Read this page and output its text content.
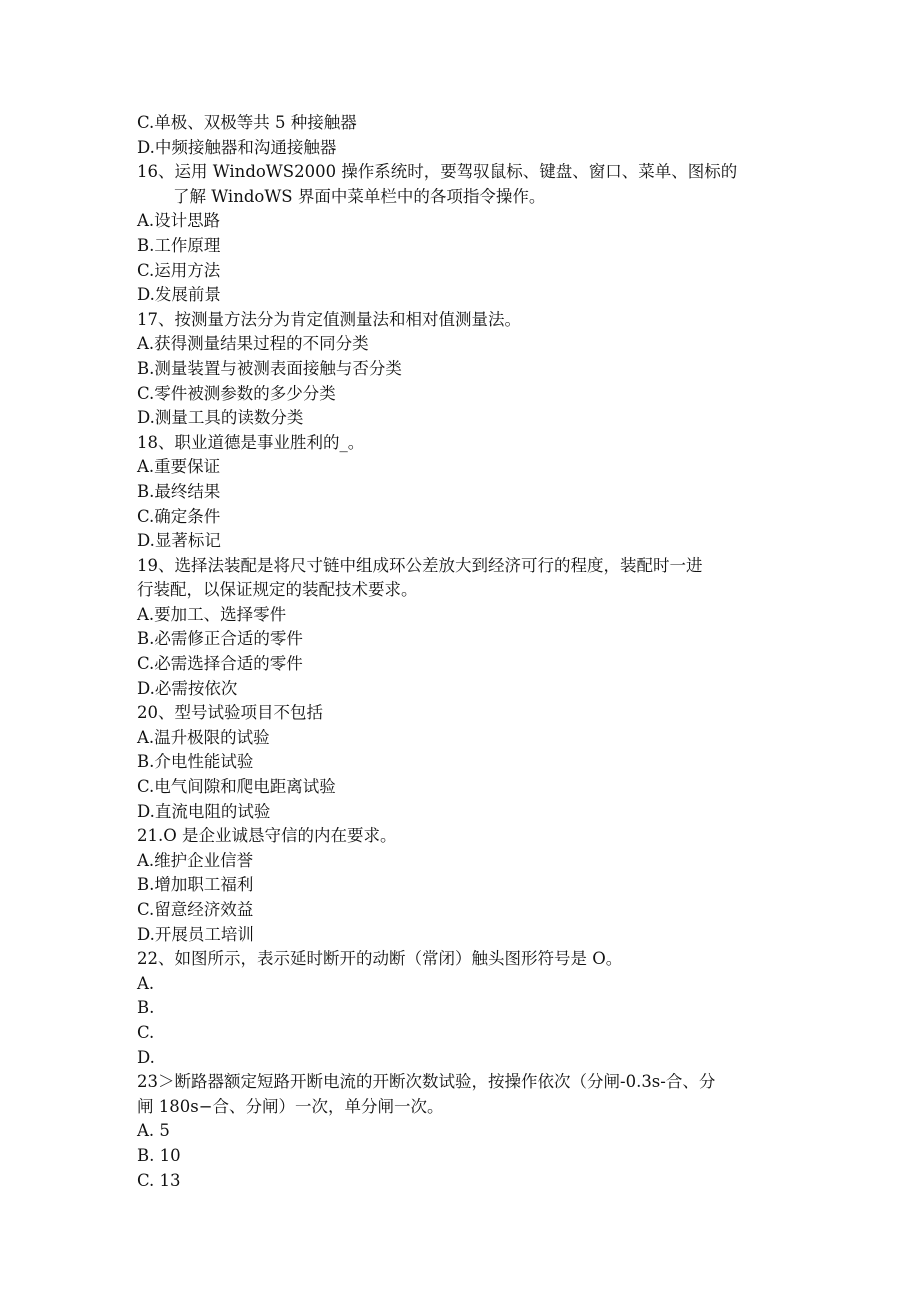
C.单极、双极等共 5 种接触器
D.中频接触器和沟通接触器
16、运用 WindoWS2000 操作系统时，要驾驭鼠标、键盘、窗口、菜单、图标的
了解 WindoWS 界面中菜单栏中的各项指令操作。
A.设计思路
B.工作原理
C.运用方法
D.发展前景
17、按测量方法分为肯定值测量法和相对值测量法。
A.获得测量结果过程的不同分类
B.测量装置与被测表面接触与否分类
C.零件被测参数的多少分类
D.测量工具的读数分类
18、职业道德是事业胜利的_。
A.重要保证
B.最终结果
C.确定条件
D.显著标记
19、选择法装配是将尺寸链中组成环公差放大到经济可行的程度，装配时一进
行装配，以保证规定的装配技术要求。
A.要加工、选择零件
B.必需修正合适的零件
C.必需选择合适的零件
D.必需按依次
20、型号试验项目不包括
A.温升极限的试验
B.介电性能试验
C.电气间隙和爬电距离试验
D.直流电阻的试验
21.O 是企业诚恳守信的内在要求。
A.维护企业信誉
B.增加职工福利
C.留意经济效益
D.开展员工培训
22、如图所示，表示延时断开的动断（常闭）触头图形符号是 O。
A.
B.
C.
D.
23＞断路器额定短路开断电流的开断次数试验，按操作依次（分闸-0.3s-合、分
闸 180s−合、分闸）一次，单分闸一次。
A. 5
B. 10
C. 13
